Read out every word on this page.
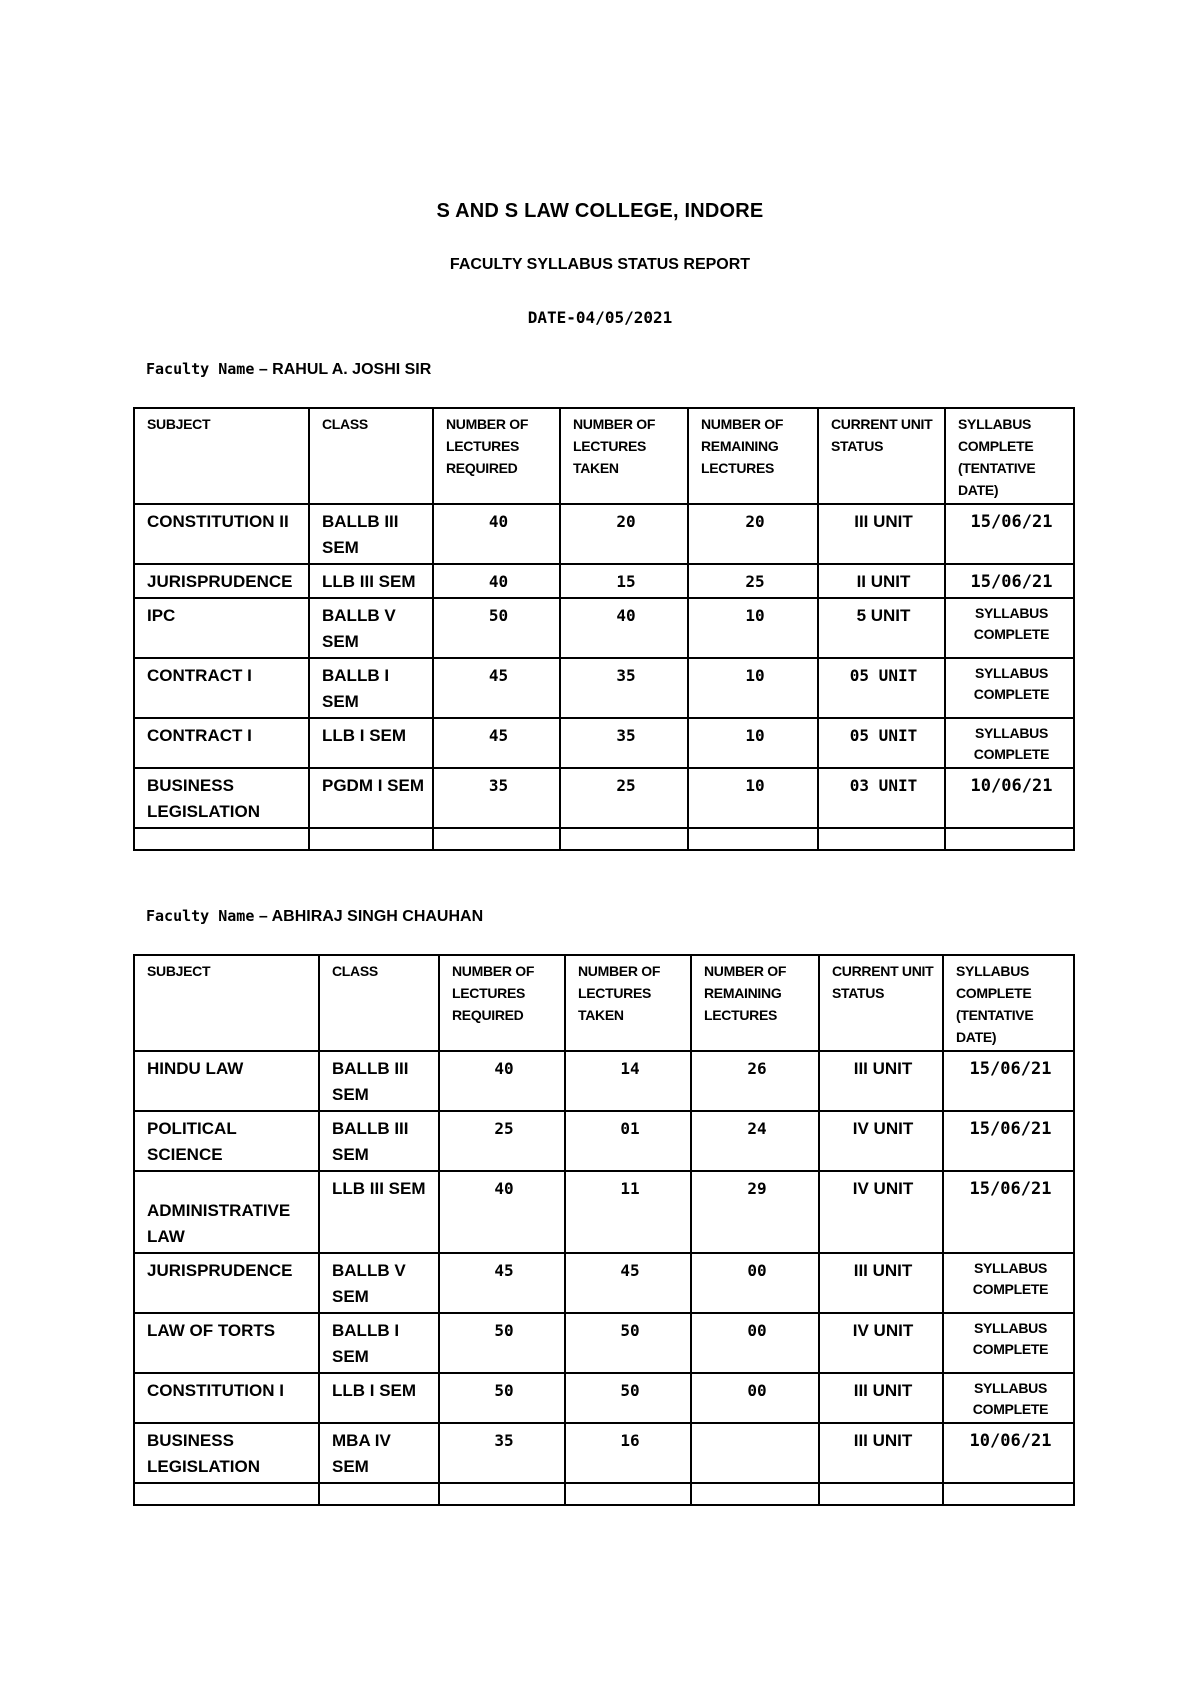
S AND S LAW COLLEGE, INDORE
FACULTY SYLLABUS STATUS REPORT
DATE-04/05/2021
Faculty Name – RAHUL A. JOSHI SIR
SUBJECT	CLASS	NUMBER OF LECTURES REQUIRED	NUMBER OF LECTURES TAKEN	NUMBER OF REMAINING LECTURES	CURRENT UNIT STATUS	SYLLABUS COMPLETE (TENTATIVE DATE)
CONSTITUTION II	BALLB III SEM	40	20	20	III UNIT	15/06/21
JURISPRUDENCE	LLB III SEM	40	15	25	II UNIT	15/06/21
IPC	BALLB V SEM	50	40	10	5 UNIT	SYLLABUS COMPLETE
CONTRACT I	BALLB I SEM	45	35	10	05 UNIT	SYLLABUS COMPLETE
CONTRACT I	LLB I SEM	45	35	10	05 UNIT	SYLLABUS COMPLETE
BUSINESS LEGISLATION	PGDM I SEM	35	25	10	03 UNIT	10/06/21

Faculty Name – ABHIRAJ SINGH CHAUHAN
SUBJECT	CLASS	NUMBER OF LECTURES REQUIRED	NUMBER OF LECTURES TAKEN	NUMBER OF REMAINING LECTURES	CURRENT UNIT STATUS	SYLLABUS COMPLETE (TENTATIVE DATE)
HINDU LAW	BALLB III SEM	40	14	26	III UNIT	15/06/21
POLITICAL SCIENCE	BALLB III SEM	25	01	24	IV UNIT	15/06/21
ADMINISTRATIVE LAW	LLB III SEM	40	11	29	IV UNIT	15/06/21
JURISPRUDENCE	BALLB V SEM	45	45	00	III UNIT	SYLLABUS COMPLETE
LAW OF TORTS	BALLB I SEM	50	50	00	IV UNIT	SYLLABUS COMPLETE
CONSTITUTION I	LLB I SEM	50	50	00	III UNIT	SYLLABUS COMPLETE
BUSINESS LEGISLATION	MBA IV SEM	35	16		III UNIT	10/06/21
